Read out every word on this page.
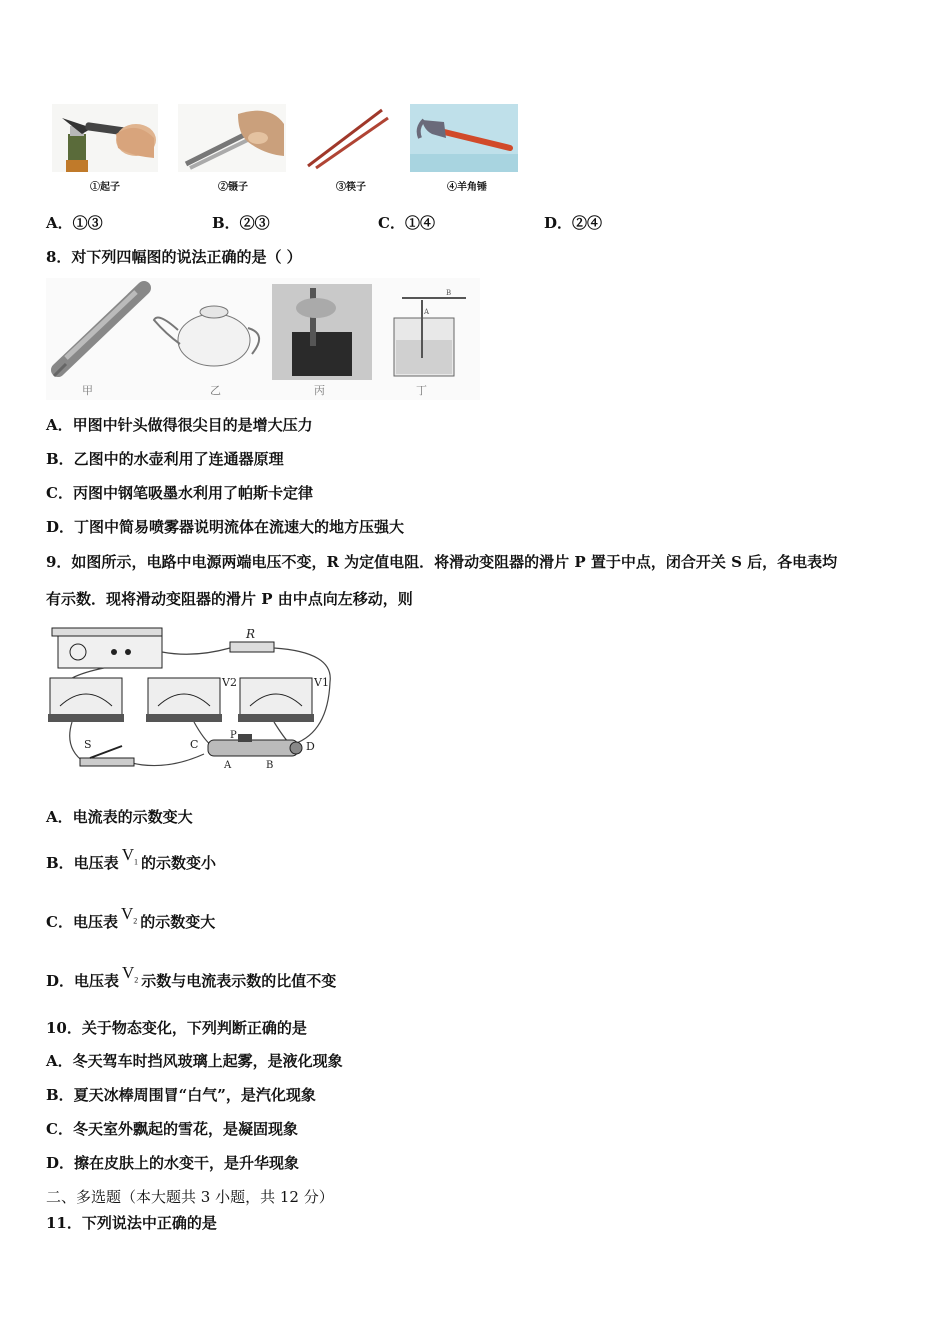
①起子	②镊子	③筷子	④羊角锤
A．①③	B．②③	C．①④	D．②④
8．对下列四幅图的说法正确的是（ ）
甲	乙	丙
B
A
丁
A．甲图中针头做得很尖目的是增大压力
B．乙图中的水壶利用了连通器原理
C．丙图中钢笔吸墨水利用了帕斯卡定律
D．丁图中简易喷雾器说明流体在流速大的地方压强大
9．如图所示，电路中电源两端电压不变，R 为定值电阻．将滑动变阻器的滑片 P 置于中点，闭合开关 S 后，各电表均
有示数．现将滑动变阻器的滑片 P 由中点向左移动，则
R
V2	V1
S	C
P
D
A	B
A．电流表的示数变大
B．电压表 $V_1$ 的示数变小
C．电压表 $V_2$ 的示数变大
D．电压表 $V_2$ 示数与电流表示数的比值不变
10．关于物态变化，下列判断正确的是
A．冬天驾车时挡风玻璃上起雾，是液化现象
B．夏天冰棒周围冒“白气”，是汽化现象
C．冬天室外飘起的雪花，是凝固现象
D．擦在皮肤上的水变干，是升华现象
二、多选题（本大题共 3 小题，共 12 分）
11．下列说法中正确的是
